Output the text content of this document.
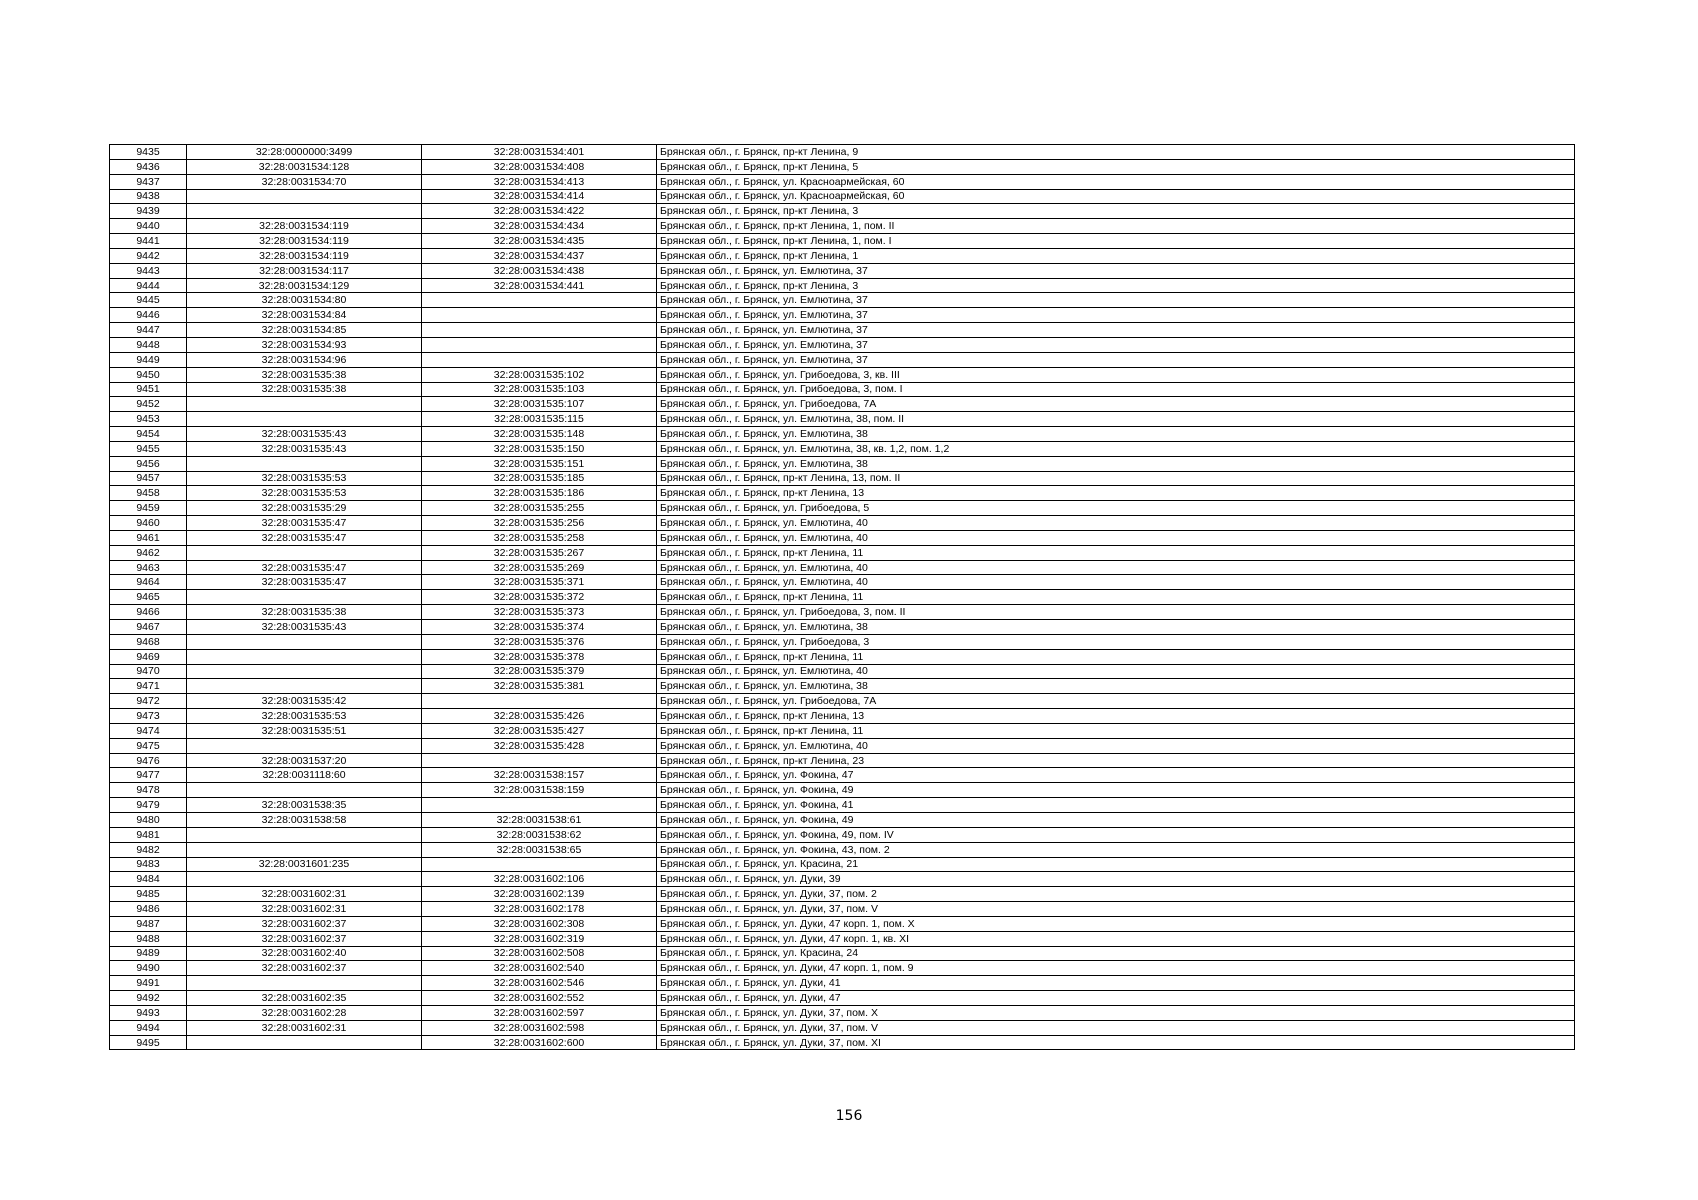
9435	32:28:0000000:3499	32:28:0031534:401	Брянская обл., г. Брянск, пр-кт Ленина, 9
9436	32:28:0031534:128	32:28:0031534:408	Брянская обл., г. Брянск, пр-кт Ленина, 5
9437	32:28:0031534:70	32:28:0031534:413	Брянская обл., г. Брянск, ул. Красноармейская, 60
9438		32:28:0031534:414	Брянская обл., г. Брянск, ул. Красноармейская, 60
9439		32:28:0031534:422	Брянская обл., г. Брянск, пр-кт Ленина, 3
9440	32:28:0031534:119	32:28:0031534:434	Брянская обл., г. Брянск, пр-кт Ленина, 1, пом. II
9441	32:28:0031534:119	32:28:0031534:435	Брянская обл., г. Брянск, пр-кт Ленина, 1, пом. I
9442	32:28:0031534:119	32:28:0031534:437	Брянская обл., г. Брянск, пр-кт Ленина, 1
9443	32:28:0031534:117	32:28:0031534:438	Брянская обл., г. Брянск, ул. Емлютина, 37
9444	32:28:0031534:129	32:28:0031534:441	Брянская обл., г. Брянск, пр-кт Ленина, 3
9445	32:28:0031534:80		Брянская обл., г. Брянск, ул. Емлютина, 37
9446	32:28:0031534:84		Брянская обл., г. Брянск, ул. Емлютина, 37
9447	32:28:0031534:85		Брянская обл., г. Брянск, ул. Емлютина, 37
9448	32:28:0031534:93		Брянская обл., г. Брянск, ул. Емлютина, 37
9449	32:28:0031534:96		Брянская обл., г. Брянск, ул. Емлютина, 37
9450	32:28:0031535:38	32:28:0031535:102	Брянская обл., г. Брянск, ул. Грибоедова, 3, кв. III
9451	32:28:0031535:38	32:28:0031535:103	Брянская обл., г. Брянск, ул. Грибоедова, 3, пом. I
9452		32:28:0031535:107	Брянская обл., г. Брянск, ул. Грибоедова, 7А
9453		32:28:0031535:115	Брянская обл., г. Брянск, ул. Емлютина, 38, пом. II
9454	32:28:0031535:43	32:28:0031535:148	Брянская обл., г. Брянск, ул. Емлютина, 38
9455	32:28:0031535:43	32:28:0031535:150	Брянская обл., г. Брянск, ул. Емлютина, 38, кв. 1,2, пом. 1,2
9456		32:28:0031535:151	Брянская обл., г. Брянск, ул. Емлютина, 38
9457	32:28:0031535:53	32:28:0031535:185	Брянская обл., г. Брянск, пр-кт Ленина, 13, пом. II
9458	32:28:0031535:53	32:28:0031535:186	Брянская обл., г. Брянск, пр-кт Ленина, 13
9459	32:28:0031535:29	32:28:0031535:255	Брянская обл., г. Брянск, ул. Грибоедова, 5
9460	32:28:0031535:47	32:28:0031535:256	Брянская обл., г. Брянск, ул. Емлютина, 40
9461	32:28:0031535:47	32:28:0031535:258	Брянская обл., г. Брянск, ул. Емлютина, 40
9462		32:28:0031535:267	Брянская обл., г. Брянск, пр-кт Ленина, 11
9463	32:28:0031535:47	32:28:0031535:269	Брянская обл., г. Брянск, ул. Емлютина, 40
9464	32:28:0031535:47	32:28:0031535:371	Брянская обл., г. Брянск, ул. Емлютина, 40
9465		32:28:0031535:372	Брянская обл., г. Брянск, пр-кт Ленина, 11
9466	32:28:0031535:38	32:28:0031535:373	Брянская обл., г. Брянск, ул. Грибоедова, 3, пом. II
9467	32:28:0031535:43	32:28:0031535:374	Брянская обл., г. Брянск, ул. Емлютина, 38
9468		32:28:0031535:376	Брянская обл., г. Брянск, ул. Грибоедова, 3
9469		32:28:0031535:378	Брянская обл., г. Брянск, пр-кт Ленина, 11
9470		32:28:0031535:379	Брянская обл., г. Брянск, ул. Емлютина, 40
9471		32:28:0031535:381	Брянская обл., г. Брянск, ул. Емлютина, 38
9472	32:28:0031535:42		Брянская обл., г. Брянск, ул. Грибоедова, 7А
9473	32:28:0031535:53	32:28:0031535:426	Брянская обл., г. Брянск, пр-кт Ленина, 13
9474	32:28:0031535:51	32:28:0031535:427	Брянская обл., г. Брянск, пр-кт Ленина, 11
9475		32:28:0031535:428	Брянская обл., г. Брянск, ул. Емлютина, 40
9476	32:28:0031537:20		Брянская обл., г. Брянск, пр-кт Ленина, 23
9477	32:28:0031118:60	32:28:0031538:157	Брянская обл., г. Брянск, ул. Фокина, 47
9478		32:28:0031538:159	Брянская обл., г. Брянск, ул. Фокина, 49
9479	32:28:0031538:35		Брянская обл., г. Брянск, ул. Фокина, 41
9480	32:28:0031538:58	32:28:0031538:61	Брянская обл., г. Брянск, ул. Фокина, 49
9481		32:28:0031538:62	Брянская обл., г. Брянск, ул. Фокина, 49, пом. IV
9482		32:28:0031538:65	Брянская обл., г. Брянск, ул. Фокина, 43, пом. 2
9483	32:28:0031601:235		Брянская обл., г. Брянск, ул. Красина, 21
9484		32:28:0031602:106	Брянская обл., г. Брянск, ул. Дуки, 39
9485	32:28:0031602:31	32:28:0031602:139	Брянская обл., г. Брянск, ул. Дуки, 37, пом. 2
9486	32:28:0031602:31	32:28:0031602:178	Брянская обл., г. Брянск, ул. Дуки, 37, пом. V
9487	32:28:0031602:37	32:28:0031602:308	Брянская обл., г. Брянск, ул. Дуки, 47 корп. 1, пом. X
9488	32:28:0031602:37	32:28:0031602:319	Брянская обл., г. Брянск, ул. Дуки, 47 корп. 1, кв. XI
9489	32:28:0031602:40	32:28:0031602:508	Брянская обл., г. Брянск, ул. Красина, 24
9490	32:28:0031602:37	32:28:0031602:540	Брянская обл., г. Брянск, ул. Дуки, 47 корп. 1, пом. 9
9491		32:28:0031602:546	Брянская обл., г. Брянск, ул. Дуки, 41
9492	32:28:0031602:35	32:28:0031602:552	Брянская обл., г. Брянск, ул. Дуки, 47
9493	32:28:0031602:28	32:28:0031602:597	Брянская обл., г. Брянск, ул. Дуки, 37, пом. X
9494	32:28:0031602:31	32:28:0031602:598	Брянская обл., г. Брянск, ул. Дуки, 37, пом. V
9495		32:28:0031602:600	Брянская обл., г. Брянск, ул. Дуки, 37, пом. XI
156
